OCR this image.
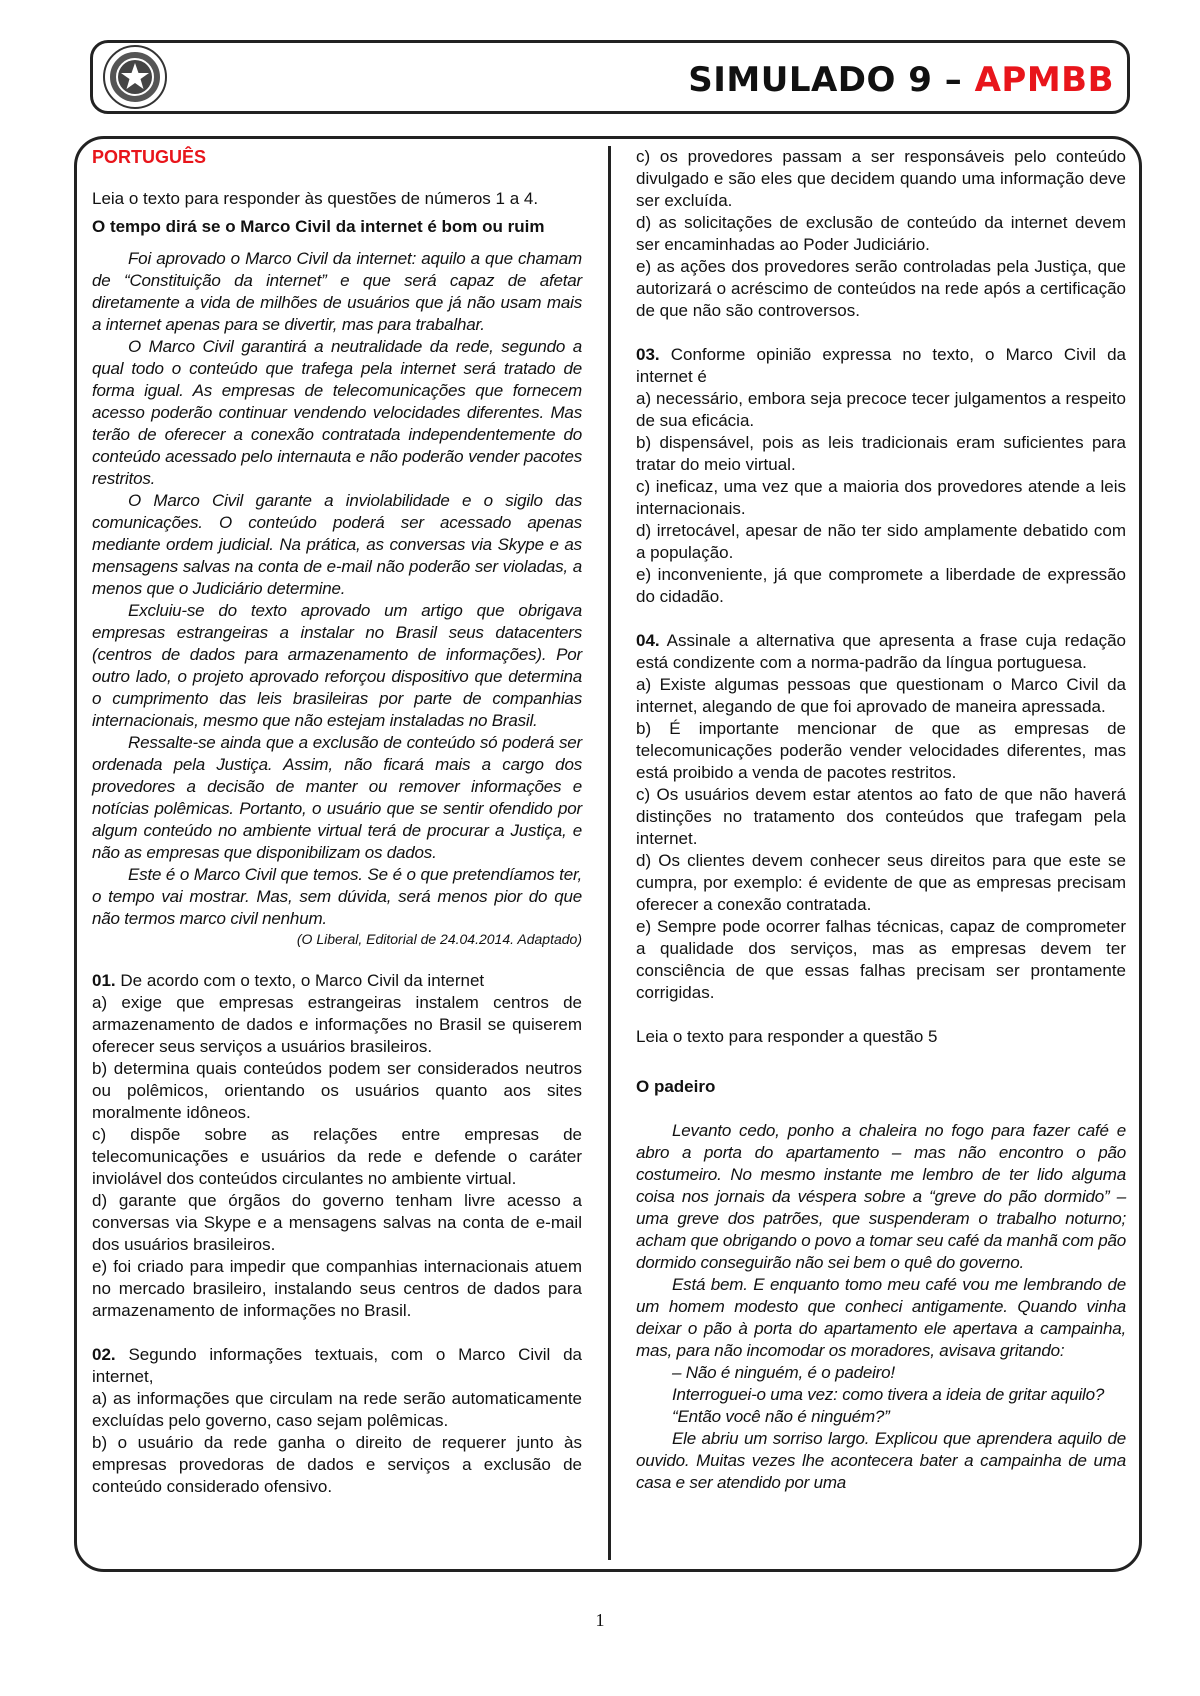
SIMULADO 9 – APMBB

PORTUGUÊS

Leia o texto para responder às questões de números 1 a 4.

O tempo dirá se o Marco Civil da internet é bom ou ruim

Foi aprovado o Marco Civil da internet: aquilo a que chamam de “Constituição da internet” e que será capaz de afetar diretamente a vida de milhões de usuários que já não usam mais a internet apenas para se divertir, mas para trabalhar.

O Marco Civil garantirá a neutralidade da rede, segundo a qual todo o conteúdo que trafega pela internet será tratado de forma igual. As empresas de telecomunicações que fornecem acesso poderão continuar vendendo velocidades diferentes. Mas terão de oferecer a conexão contratada independentemente do conteúdo acessado pelo internauta e não poderão vender pacotes restritos.

O Marco Civil garante a inviolabilidade e o sigilo das comunicações. O conteúdo poderá ser acessado apenas mediante ordem judicial. Na prática, as conversas via Skype e as mensagens salvas na conta de e-mail não poderão ser violadas, a menos que o Judiciário determine.

Excluiu-se do texto aprovado um artigo que obrigava empresas estrangeiras a instalar no Brasil seus datacenters (centros de dados para armazenamento de informações). Por outro lado, o projeto aprovado reforçou dispositivo que determina o cumprimento das leis brasileiras por parte de companhias internacionais, mesmo que não estejam instaladas no Brasil.

Ressalte-se ainda que a exclusão de conteúdo só poderá ser ordenada pela Justiça. Assim, não ficará mais a cargo dos provedores a decisão de manter ou remover informações e notícias polêmicas. Portanto, o usuário que se sentir ofendido por algum conteúdo no ambiente virtual terá de procurar a Justiça, e não as empresas que disponibilizam os dados.

Este é o Marco Civil que temos. Se é o que pretendíamos ter, o tempo vai mostrar. Mas, sem dúvida, será menos pior do que não termos marco civil nenhum.

(O Liberal, Editorial de 24.04.2014. Adaptado)

01. De acordo com o texto, o Marco Civil da internet

a) exige que empresas estrangeiras instalem centros de armazenamento de dados e informações no Brasil se quiserem oferecer seus serviços a usuários brasileiros.

b) determina quais conteúdos podem ser considerados neutros ou polêmicos, orientando os usuários quanto aos sites moralmente idôneos.

c) dispõe sobre as relações entre empresas de telecomunicações e usuários da rede e defende o caráter inviolável dos conteúdos circulantes no ambiente virtual.

d) garante que órgãos do governo tenham livre acesso a conversas via Skype e a mensagens salvas na conta de e-mail dos usuários brasileiros.

e) foi criado para impedir que companhias internacionais atuem no mercado brasileiro, instalando seus centros de dados para armazenamento de informações no Brasil.

02. Segundo informações textuais, com o Marco Civil da internet,

a) as informações que circulam na rede serão automaticamente excluídas pelo governo, caso sejam polêmicas.

b) o usuário da rede ganha o direito de requerer junto às empresas provedoras de dados e serviços a exclusão de conteúdo considerado ofensivo.

c) os provedores passam a ser responsáveis pelo conteúdo divulgado e são eles que decidem quando uma informação deve ser excluída.

d) as solicitações de exclusão de conteúdo da internet devem ser encaminhadas ao Poder Judiciário.

e) as ações dos provedores serão controladas pela Justiça, que autorizará o acréscimo de conteúdos na rede após a certificação de que não são controversos.

03. Conforme opinião expressa no texto, o Marco Civil da internet é

a) necessário, embora seja precoce tecer julgamentos a respeito de sua eficácia.

b) dispensável, pois as leis tradicionais eram suficientes para tratar do meio virtual.

c) ineficaz, uma vez que a maioria dos provedores atende a leis internacionais.

d) irretocável, apesar de não ter sido amplamente debatido com a população.

e) inconveniente, já que compromete a liberdade de expressão do cidadão.

04. Assinale a alternativa que apresenta a frase cuja redação está condizente com a norma-padrão da língua portuguesa.

a) Existe algumas pessoas que questionam o Marco Civil da internet, alegando de que foi aprovado de maneira apressada.

b) É importante mencionar de que as empresas de telecomunicações poderão vender velocidades diferentes, mas está proibido a venda de pacotes restritos.

c) Os usuários devem estar atentos ao fato de que não haverá distinções no tratamento dos conteúdos que trafegam pela internet.

d) Os clientes devem conhecer seus direitos para que este se cumpra, por exemplo: é evidente de que as empresas precisam oferecer a conexão contratada.

e) Sempre pode ocorrer falhas técnicas, capaz de comprometer a qualidade dos serviços, mas as empresas devem ter consciência de que essas falhas precisam ser prontamente corrigidas.

Leia o texto para responder a questão 5

O padeiro

Levanto cedo, ponho a chaleira no fogo para fazer café e abro a porta do apartamento – mas não encontro o pão costumeiro. No mesmo instante me lembro de ter lido alguma coisa nos jornais da véspera sobre a “greve do pão dormido” – uma greve dos patrões, que suspenderam o trabalho noturno; acham que obrigando o povo a tomar seu café da manhã com pão dormido conseguirão não sei bem o quê do governo.

Está bem. E enquanto tomo meu café vou me lembrando de um homem modesto que conheci antigamente. Quando vinha deixar o pão à porta do apartamento ele apertava a campainha, mas, para não incomodar os moradores, avisava gritando:

– Não é ninguém, é o padeiro!

Interroguei-o uma vez: como tivera a ideia de gritar aquilo?

“Então você não é ninguém?”

Ele abriu um sorriso largo. Explicou que aprendera aquilo de ouvido. Muitas vezes lhe acontecera bater a campainha de uma casa e ser atendido por uma

1
